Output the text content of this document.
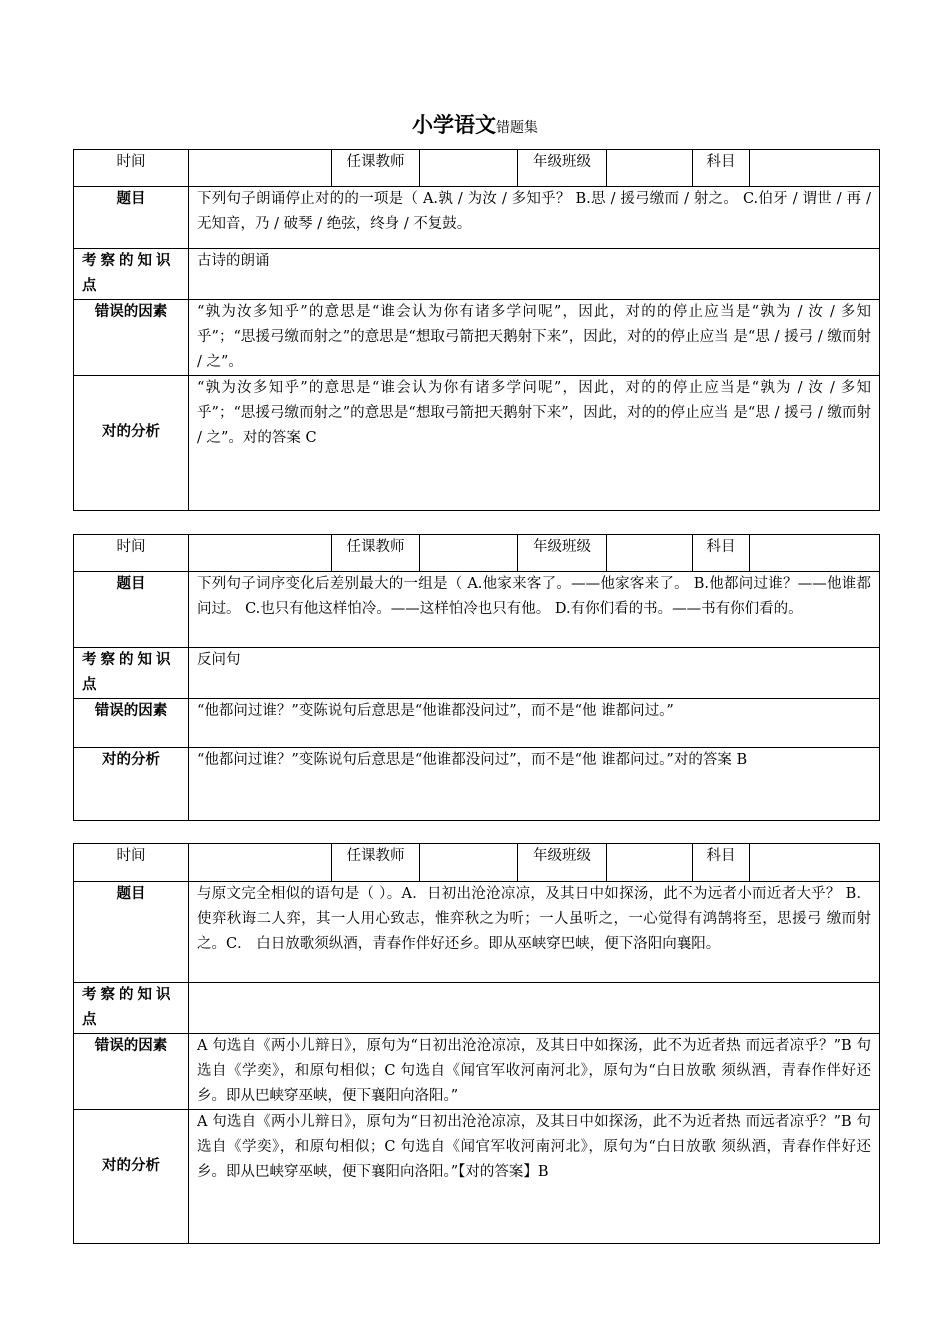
小学语文错题集
时间		任课教师		年级班级		科目	
题目	下列句子朗诵停止对的的一项是（ A.孰 / 为汝 / 多知乎？ B.思 / 援弓缴而 / 射之。 C.伯牙 / 谓世 / 再 / 无知音，乃 / 破琴 / 绝弦，终身 / 不复鼓。						
考察的知识点	古诗的朗诵						
错误的因素	“孰为汝多知乎”的意思是“谁会认为你有诸多学问呢”，因此，对的的停止应当是“孰为 / 汝 / 多知乎”；“思援弓缴而射之”的意思是“想取弓箭把天鹅射下来”，因此，对的的停止应当 是“思 / 援弓 / 缴而射 / 之”。						
对的分析	“孰为汝多知乎”的意思是“谁会认为你有诸多学问呢”，因此，对的的停止应当是“孰为 / 汝 / 多知乎”；“思援弓缴而射之”的意思是“想取弓箭把天鹅射下来”，因此，对的的停止应当 是“思 / 援弓 / 缴而射 / 之”。对的答案 C						
时间		任课教师		年级班级		科目	
题目	下列句子词序变化后差别最大的一组是（ A.他家来客了。——他家客来了。 B.他都问过谁？——他谁都问过。 C.也只有他这样怕冷。——这样怕冷也只有他。 D.有你们看的书。——书有你们看的。						
考察的知识点	反问句						
错误的因素	“他都问过谁？”变陈说句后意思是“他谁都没问过”，而不是“他 谁都问过。”						
对的分析	“他都问过谁？”变陈说句后意思是“他谁都没问过”，而不是“他 谁都问过。”对的答案 B						
时间		任课教师		年级班级		科目	
题目	与原文完全相似的语句是（ ）。A．日初出沧沧凉凉，及其日中如探汤，此不为远者小而近者大乎？ B．使弈秋诲二人弈，其一人用心致志，惟弈秋之为听；一人虽听之，一心觉得有鸿鹄将至，思援弓 缴而射之。C． 白日放歌须纵酒，青春作伴好还乡。即从巫峡穿巴峡，便下洛阳向襄阳。						
考察的知识点							
错误的因素	A 句选自《两小儿辩日》，原句为“日初出沧沧凉凉，及其日中如探汤，此不为近者热 而远者凉乎？”B 句选自《学奕》，和原句相似；C 句选自《闻官军收河南河北》，原句为“白日放歌 须纵酒，青春作伴好还乡。即从巴峡穿巫峡，便下襄阳向洛阳。”						
对的分析	A 句选自《两小儿辩日》，原句为“日初出沧沧凉凉，及其日中如探汤，此不为近者热 而远者凉乎？”B 句选自《学奕》，和原句相似；C 句选自《闻官军收河南河北》，原句为“白日放歌 须纵酒，青春作伴好还乡。即从巴峡穿巫峡，便下襄阳向洛阳。”【对的答案】B						
